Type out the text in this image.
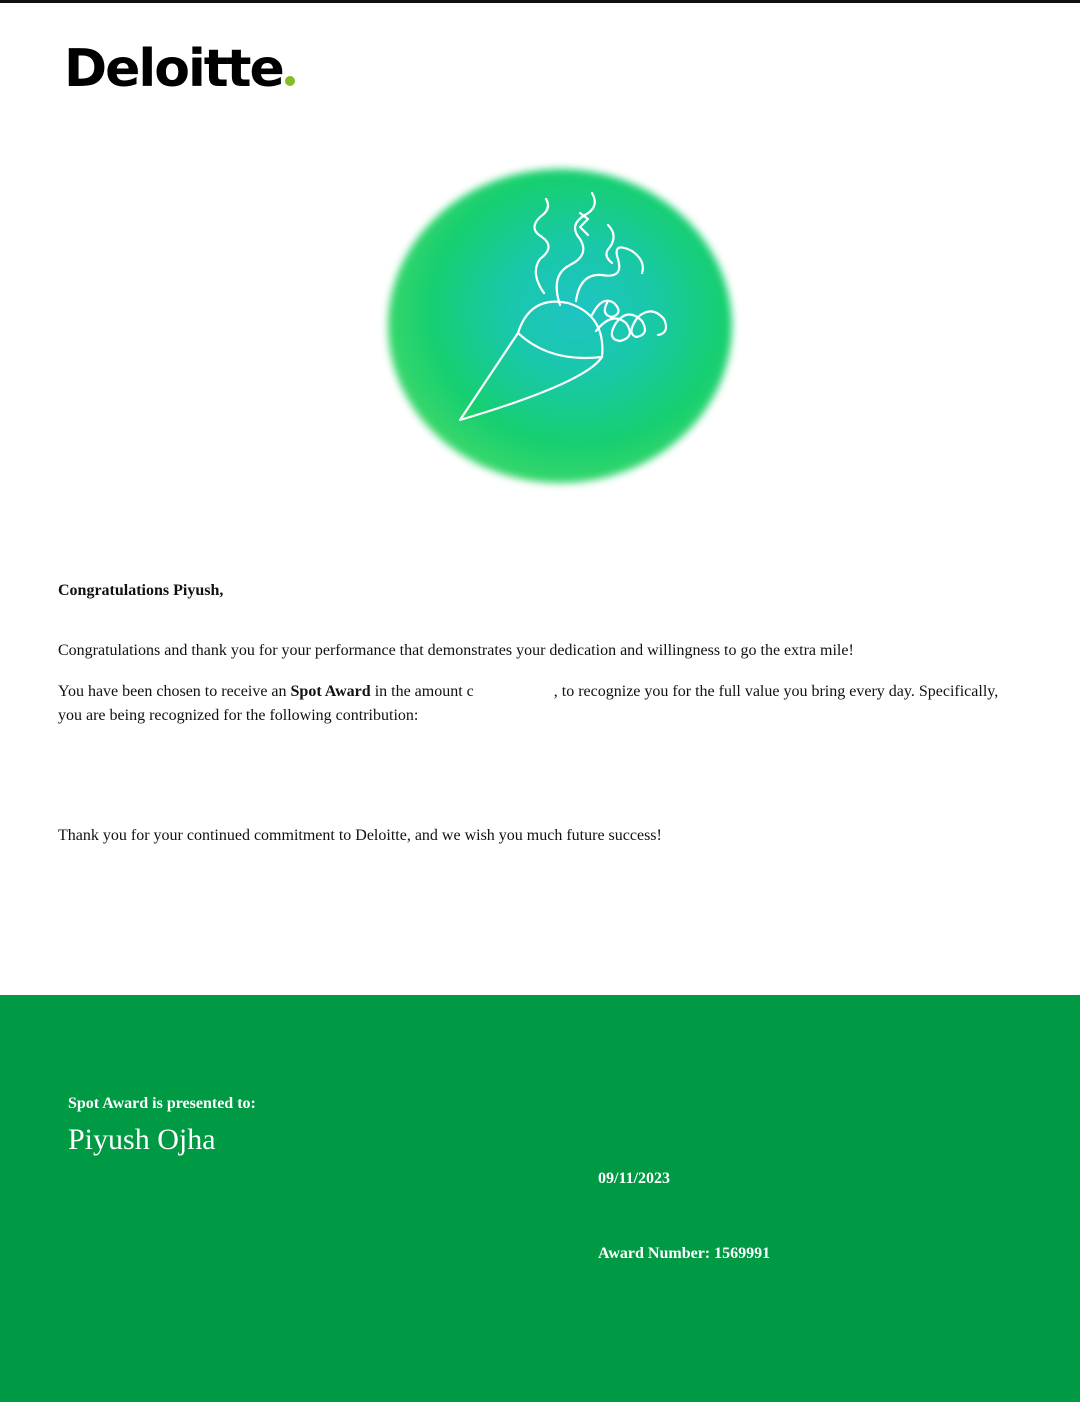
Deloitte
Congratulations Piyush,
Congratulations and thank you for your performance that demonstrates your dedication and willingness to go the extra mile!
You have been chosen to receive an Spot Award in the amount c	, to recognize you for the full value you bring every day. Specifically, you are being recognized for the following contribution:
Thank you for your continued commitment to Deloitte, and we wish you much future success!
Spot Award is presented to:
Piyush Ojha
09/11/2023
Award Number: 1569991
